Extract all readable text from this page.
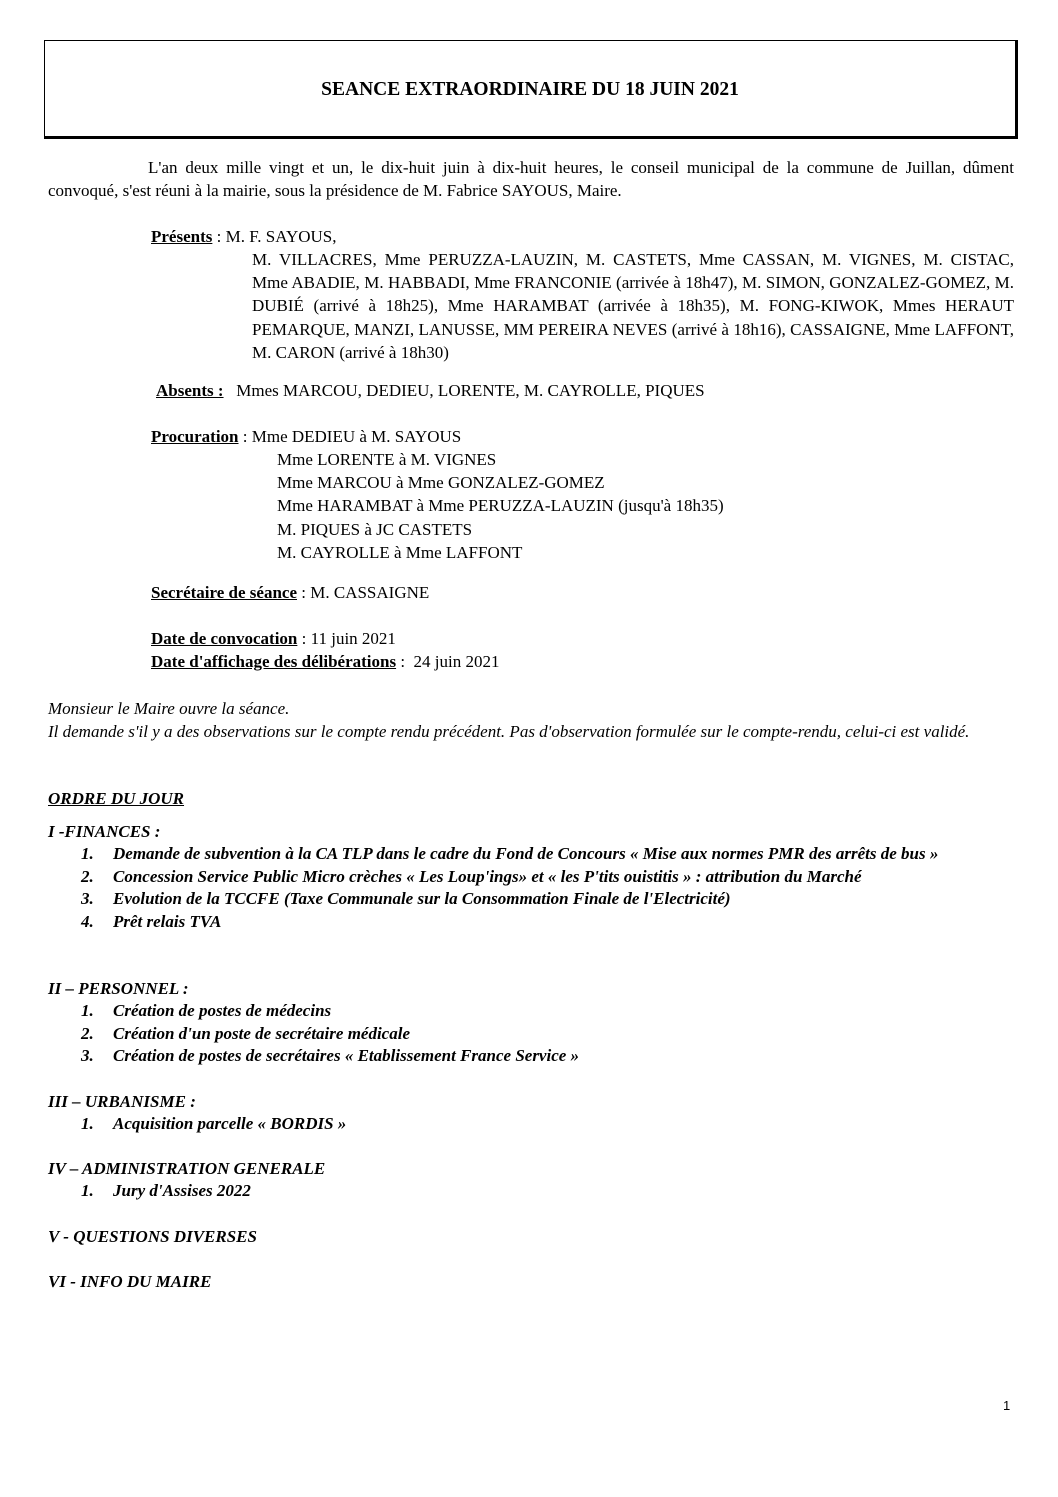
SEANCE EXTRAORDINAIRE DU 18 JUIN 2021

L'an deux mille vingt et un, le dix-huit juin à dix-huit heures, le conseil municipal de la commune de Juillan, dûment convoqué, s'est réuni à la mairie, sous la présidence de M. Fabrice SAYOUS, Maire.

Présents : M. F. SAYOUS,
M. VILLACRES, Mme PERUZZA-LAUZIN, M. CASTETS, Mme CASSAN, M. VIGNES, M. CISTAC, Mme ABADIE, M. HABBADI, Mme FRANCONIE (arrivée à 18h47), M. SIMON, GONZALEZ-GOMEZ, M. DUBIÉ (arrivé à 18h25), Mme HARAMBAT (arrivée à 18h35), M. FONG-KIWOK, Mmes HERAUT PEMARQUE, MANZI, LANUSSE, MM PEREIRA NEVES (arrivé à 18h16), CASSAIGNE, Mme LAFFONT, M. CARON (arrivé à 18h30)
Absents : Mmes MARCOU, DEDIEU, LORENTE, M. CAYROLLE, PIQUES
Procuration : Mme DEDIEU à M. SAYOUS
Mme LORENTE à M. VIGNES
Mme MARCOU à Mme GONZALEZ-GOMEZ
Mme HARAMBAT à Mme PERUZZA-LAUZIN (jusqu'à 18h35)
M. PIQUES à JC CASTETS
M. CAYROLLE à Mme LAFFONT
Secrétaire de séance : M. CASSAIGNE
Date de convocation : 11 juin 2021
Date d'affichage des délibérations :  24 juin 2021

Monsieur le Maire ouvre la séance.

Il demande s'il y a des observations sur le compte rendu précédent. Pas d'observation formulée sur le compte-rendu, celui-ci est validé.

ORDRE DU JOUR
I -FINANCES :
1. Demande de subvention à la CA TLP dans le cadre du Fond de Concours « Mise aux normes PMR des arrêts de bus »
2. Concession Service Public Micro crèches « Les Loup'ings» et « les P'tits ouistitis » : attribution du Marché
3. Evolution de la TCCFE (Taxe Communale sur la Consommation Finale de l'Electricité)
4. Prêt relais TVA
II – PERSONNEL :
1. Création de postes de médecins
2. Création d'un poste de secrétaire médicale
3. Création de postes de secrétaires « Etablissement France Service »
III – URBANISME :
1. Acquisition parcelle « BORDIS »
IV – ADMINISTRATION GENERALE
1. Jury d'Assises 2022
V - QUESTIONS DIVERSES
VI - INFO DU MAIRE
1
